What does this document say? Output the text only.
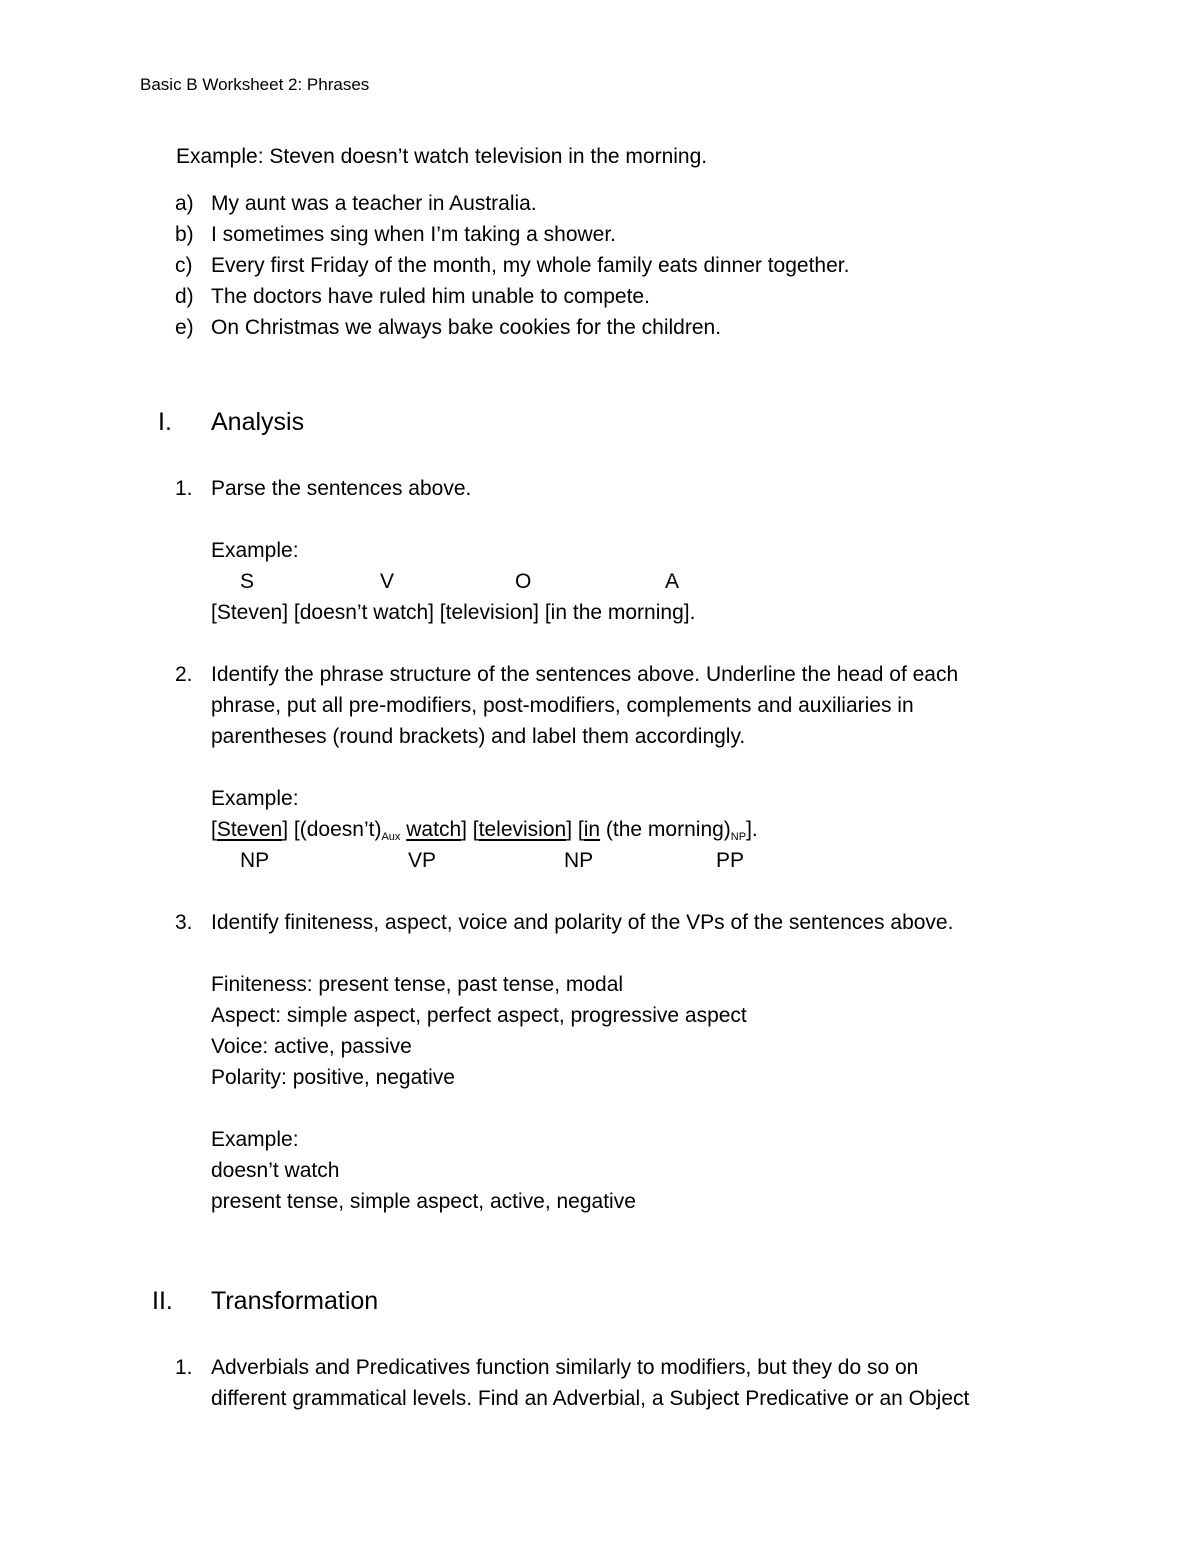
Basic B Worksheet 2: Phrases
Example: Steven doesn’t watch television in the morning.
a) My aunt was a teacher in Australia.
b) I sometimes sing when I’m taking a shower.
c) Every first Friday of the month, my whole family eats dinner together.
d) The doctors have ruled him unable to compete.
e) On Christmas we always bake cookies for the children.
I. Analysis
1. Parse the sentences above.
Example:
S	V	O	A
[Steven] [doesn’t watch] [television] [in the morning].
2. Identify the phrase structure of the sentences above. Underline the head of each
phrase, put all pre-modifiers, post-modifiers, complements and auxiliaries in
parentheses (round brackets) and label them accordingly.
Example:
[Steven] [$(doesn’t)_{Aux}$ watch] [television] [in (the $morning)_{NP}$].
NP	VP	NP	PP
3. Identify finiteness, aspect, voice and polarity of the VPs of the sentences above.
Finiteness: present tense, past tense, modal
Aspect: simple aspect, perfect aspect, progressive aspect
Voice: active, passive
Polarity: positive, negative
Example:
doesn’t watch
present tense, simple aspect, active, negative
II. Transformation
1. Adverbials and Predicatives function similarly to modifiers, but they do so on
different grammatical levels. Find an Adverbial, a Subject Predicative or an Object
